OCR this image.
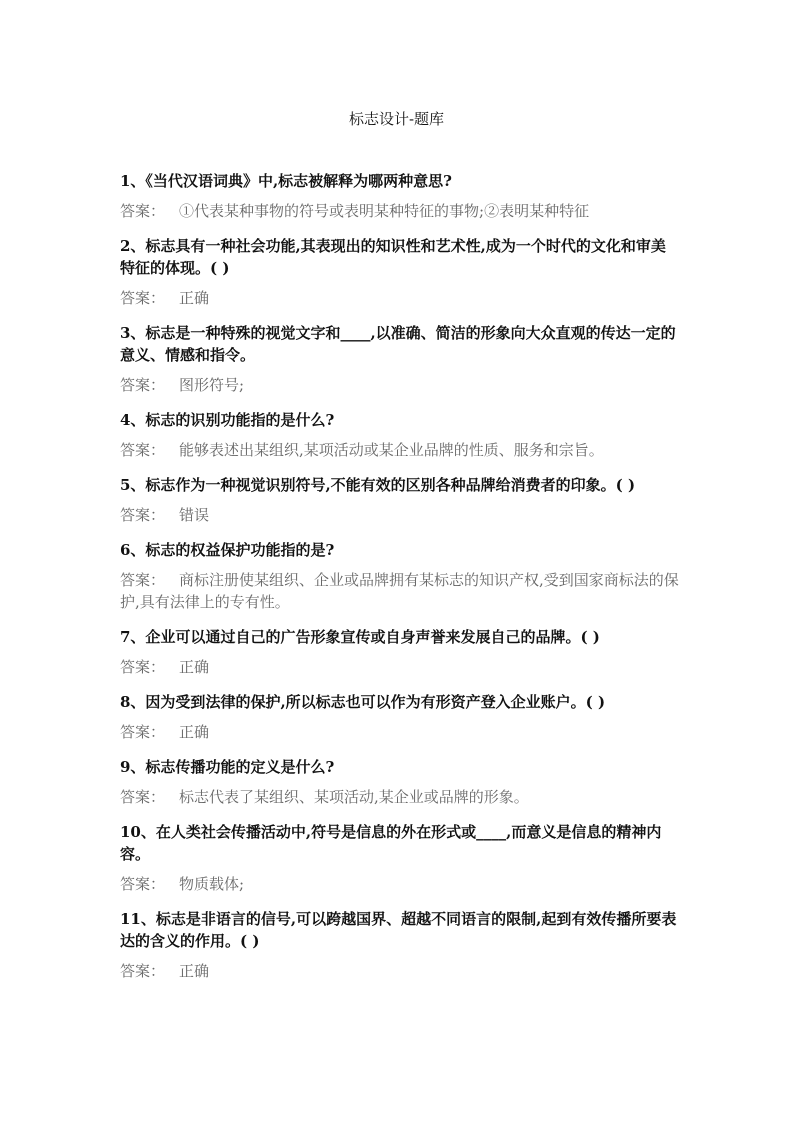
标志设计-题库
1、《当代汉语词典》中,标志被解释为哪两种意思?
答案： ①代表某种事物的符号或表明某种特征的事物;②表明某种特征
2、标志具有一种社会功能,其表现出的知识性和艺术性,成为一个时代的文化和审美特征的体现。( )
答案： 正确
3、标志是一种特殊的视觉文字和____,以准确、简洁的形象向大众直观的传达一定的意义、情感和指令。
答案： 图形符号;
4、标志的识别功能指的是什么?
答案： 能够表述出某组织,某项活动或某企业品牌的性质、服务和宗旨。
5、标志作为一种视觉识别符号,不能有效的区别各种品牌给消费者的印象。( )
答案： 错误
6、标志的权益保护功能指的是?
答案： 商标注册使某组织、企业或品牌拥有某标志的知识产权,受到国家商标法的保护,具有法律上的专有性。
7、企业可以通过自己的广告形象宣传或自身声誉来发展自己的品牌。( )
答案： 正确
8、因为受到法律的保护,所以标志也可以作为有形资产登入企业账户。( )
答案： 正确
9、标志传播功能的定义是什么?
答案： 标志代表了某组织、某项活动,某企业或品牌的形象。
10、在人类社会传播活动中,符号是信息的外在形式或____,而意义是信息的精神内容。
答案： 物质载体;
11、标志是非语言的信号,可以跨越国界、超越不同语言的限制,起到有效传播所要表达的含义的作用。( )
答案： 正确
